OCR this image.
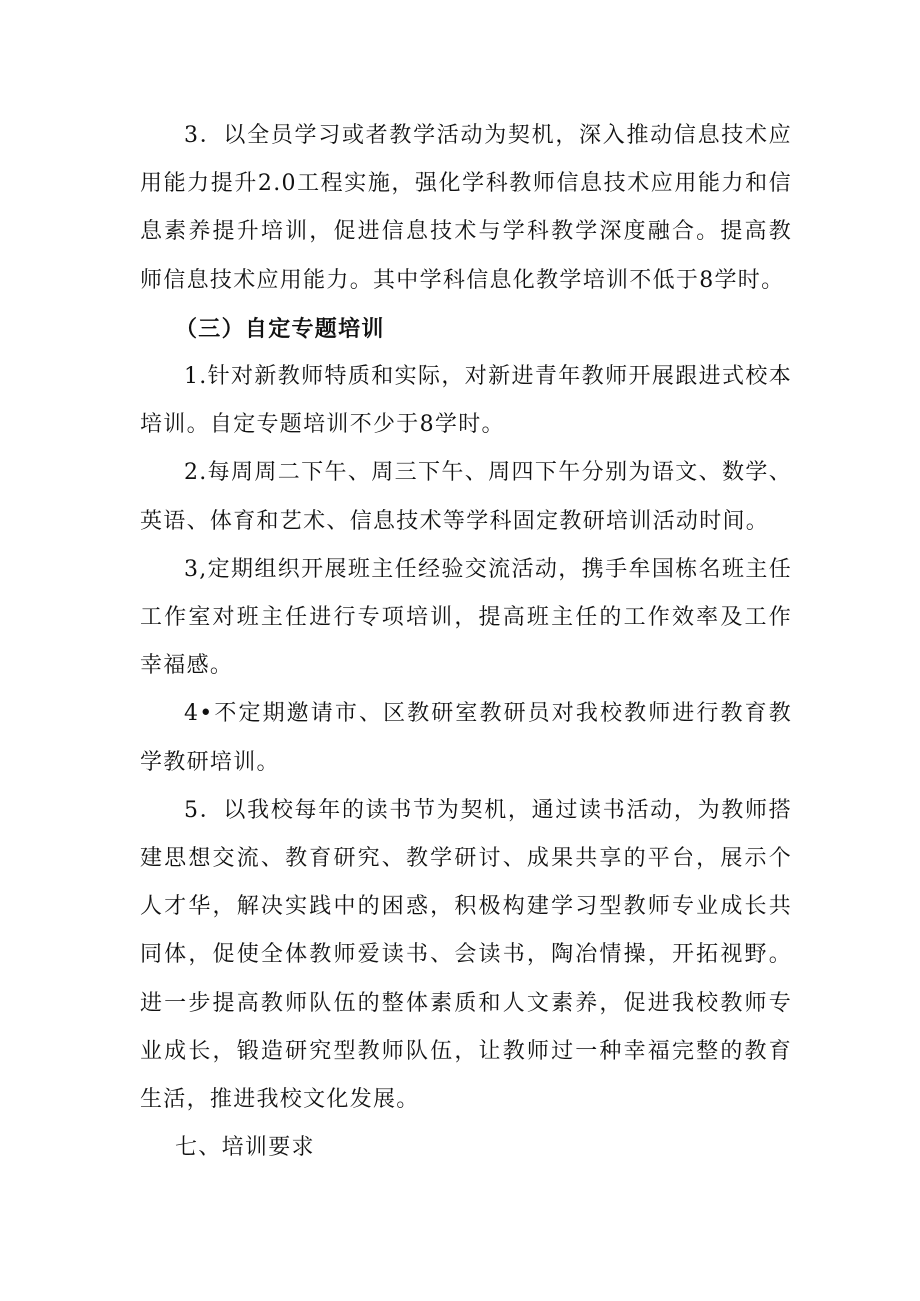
3．以全员学习或者教学活动为契机，深入推动信息技术应用能力提升2.0工程实施，强化学科教师信息技术应用能力和信息素养提升培训，促进信息技术与学科教学深度融合。提高教师信息技术应用能力。其中学科信息化教学培训不低于8学时。

（三）自定专题培训

1.针对新教师特质和实际，对新进青年教师开展跟进式校本培训。自定专题培训不少于8学时。

2.每周周二下午、周三下午、周四下午分别为语文、数学、英语、体育和艺术、信息技术等学科固定教研培训活动时间。

3,定期组织开展班主任经验交流活动，携手牟国栋名班主任工作室对班主任进行专项培训，提高班主任的工作效率及工作幸福感。

4•不定期邀请市、区教研室教研员对我校教师进行教育教学教研培训。

5．以我校每年的读书节为契机，通过读书活动，为教师搭建思想交流、教育研究、教学研讨、成果共享的平台，展示个人才华，解决实践中的困惑，积极构建学习型教师专业成长共同体，促使全体教师爱读书、会读书，陶冶情操，开拓视野。进一步提高教师队伍的整体素质和人文素养，促进我校教师专业成长，锻造研究型教师队伍，让教师过一种幸福完整的教育生活，推进我校文化发展。

七、培训要求
